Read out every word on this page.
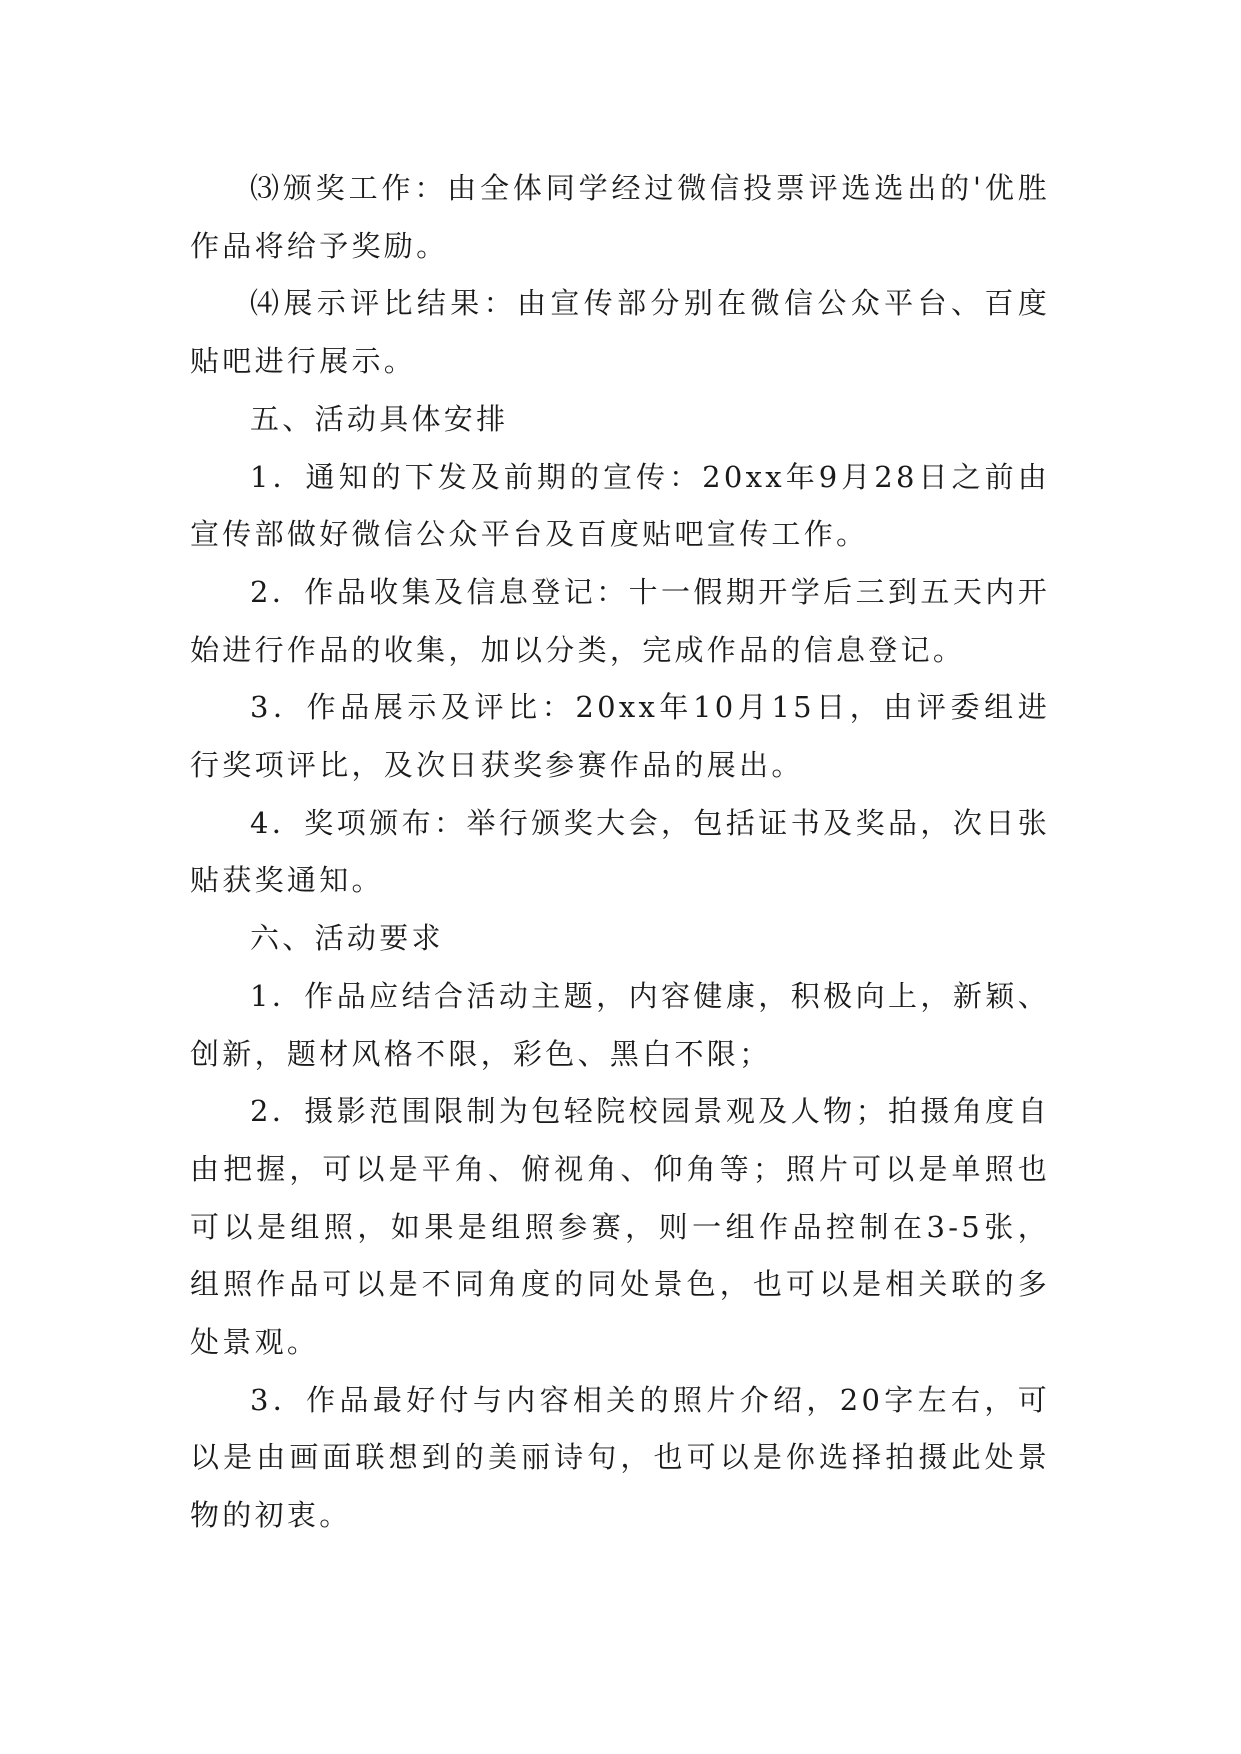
⑶颁奖工作：由全体同学经过微信投票评选选出的'优胜作品将给予奖励。

⑷展示评比结果：由宣传部分别在微信公众平台、百度贴吧进行展示。

五、活动具体安排

1．通知的下发及前期的宣传：20xx年9月28日之前由宣传部做好微信公众平台及百度贴吧宣传工作。

2．作品收集及信息登记：十一假期开学后三到五天内开始进行作品的收集，加以分类，完成作品的信息登记。

3．作品展示及评比：20xx年10月15日，由评委组进行奖项评比，及次日获奖参赛作品的展出。

4．奖项颁布：举行颁奖大会，包括证书及奖品，次日张贴获奖通知。

六、活动要求

1．作品应结合活动主题，内容健康，积极向上，新颖、创新，题材风格不限，彩色、黑白不限；

2．摄影范围限制为包轻院校园景观及人物；拍摄角度自由把握，可以是平角、俯视角、仰角等；照片可以是单照也可以是组照，如果是组照参赛，则一组作品控制在3-5张，组照作品可以是不同角度的同处景色，也可以是相关联的多处景观。

3．作品最好付与内容相关的照片介绍，20字左右，可以是由画面联想到的美丽诗句，也可以是你选择拍摄此处景物的初衷。
